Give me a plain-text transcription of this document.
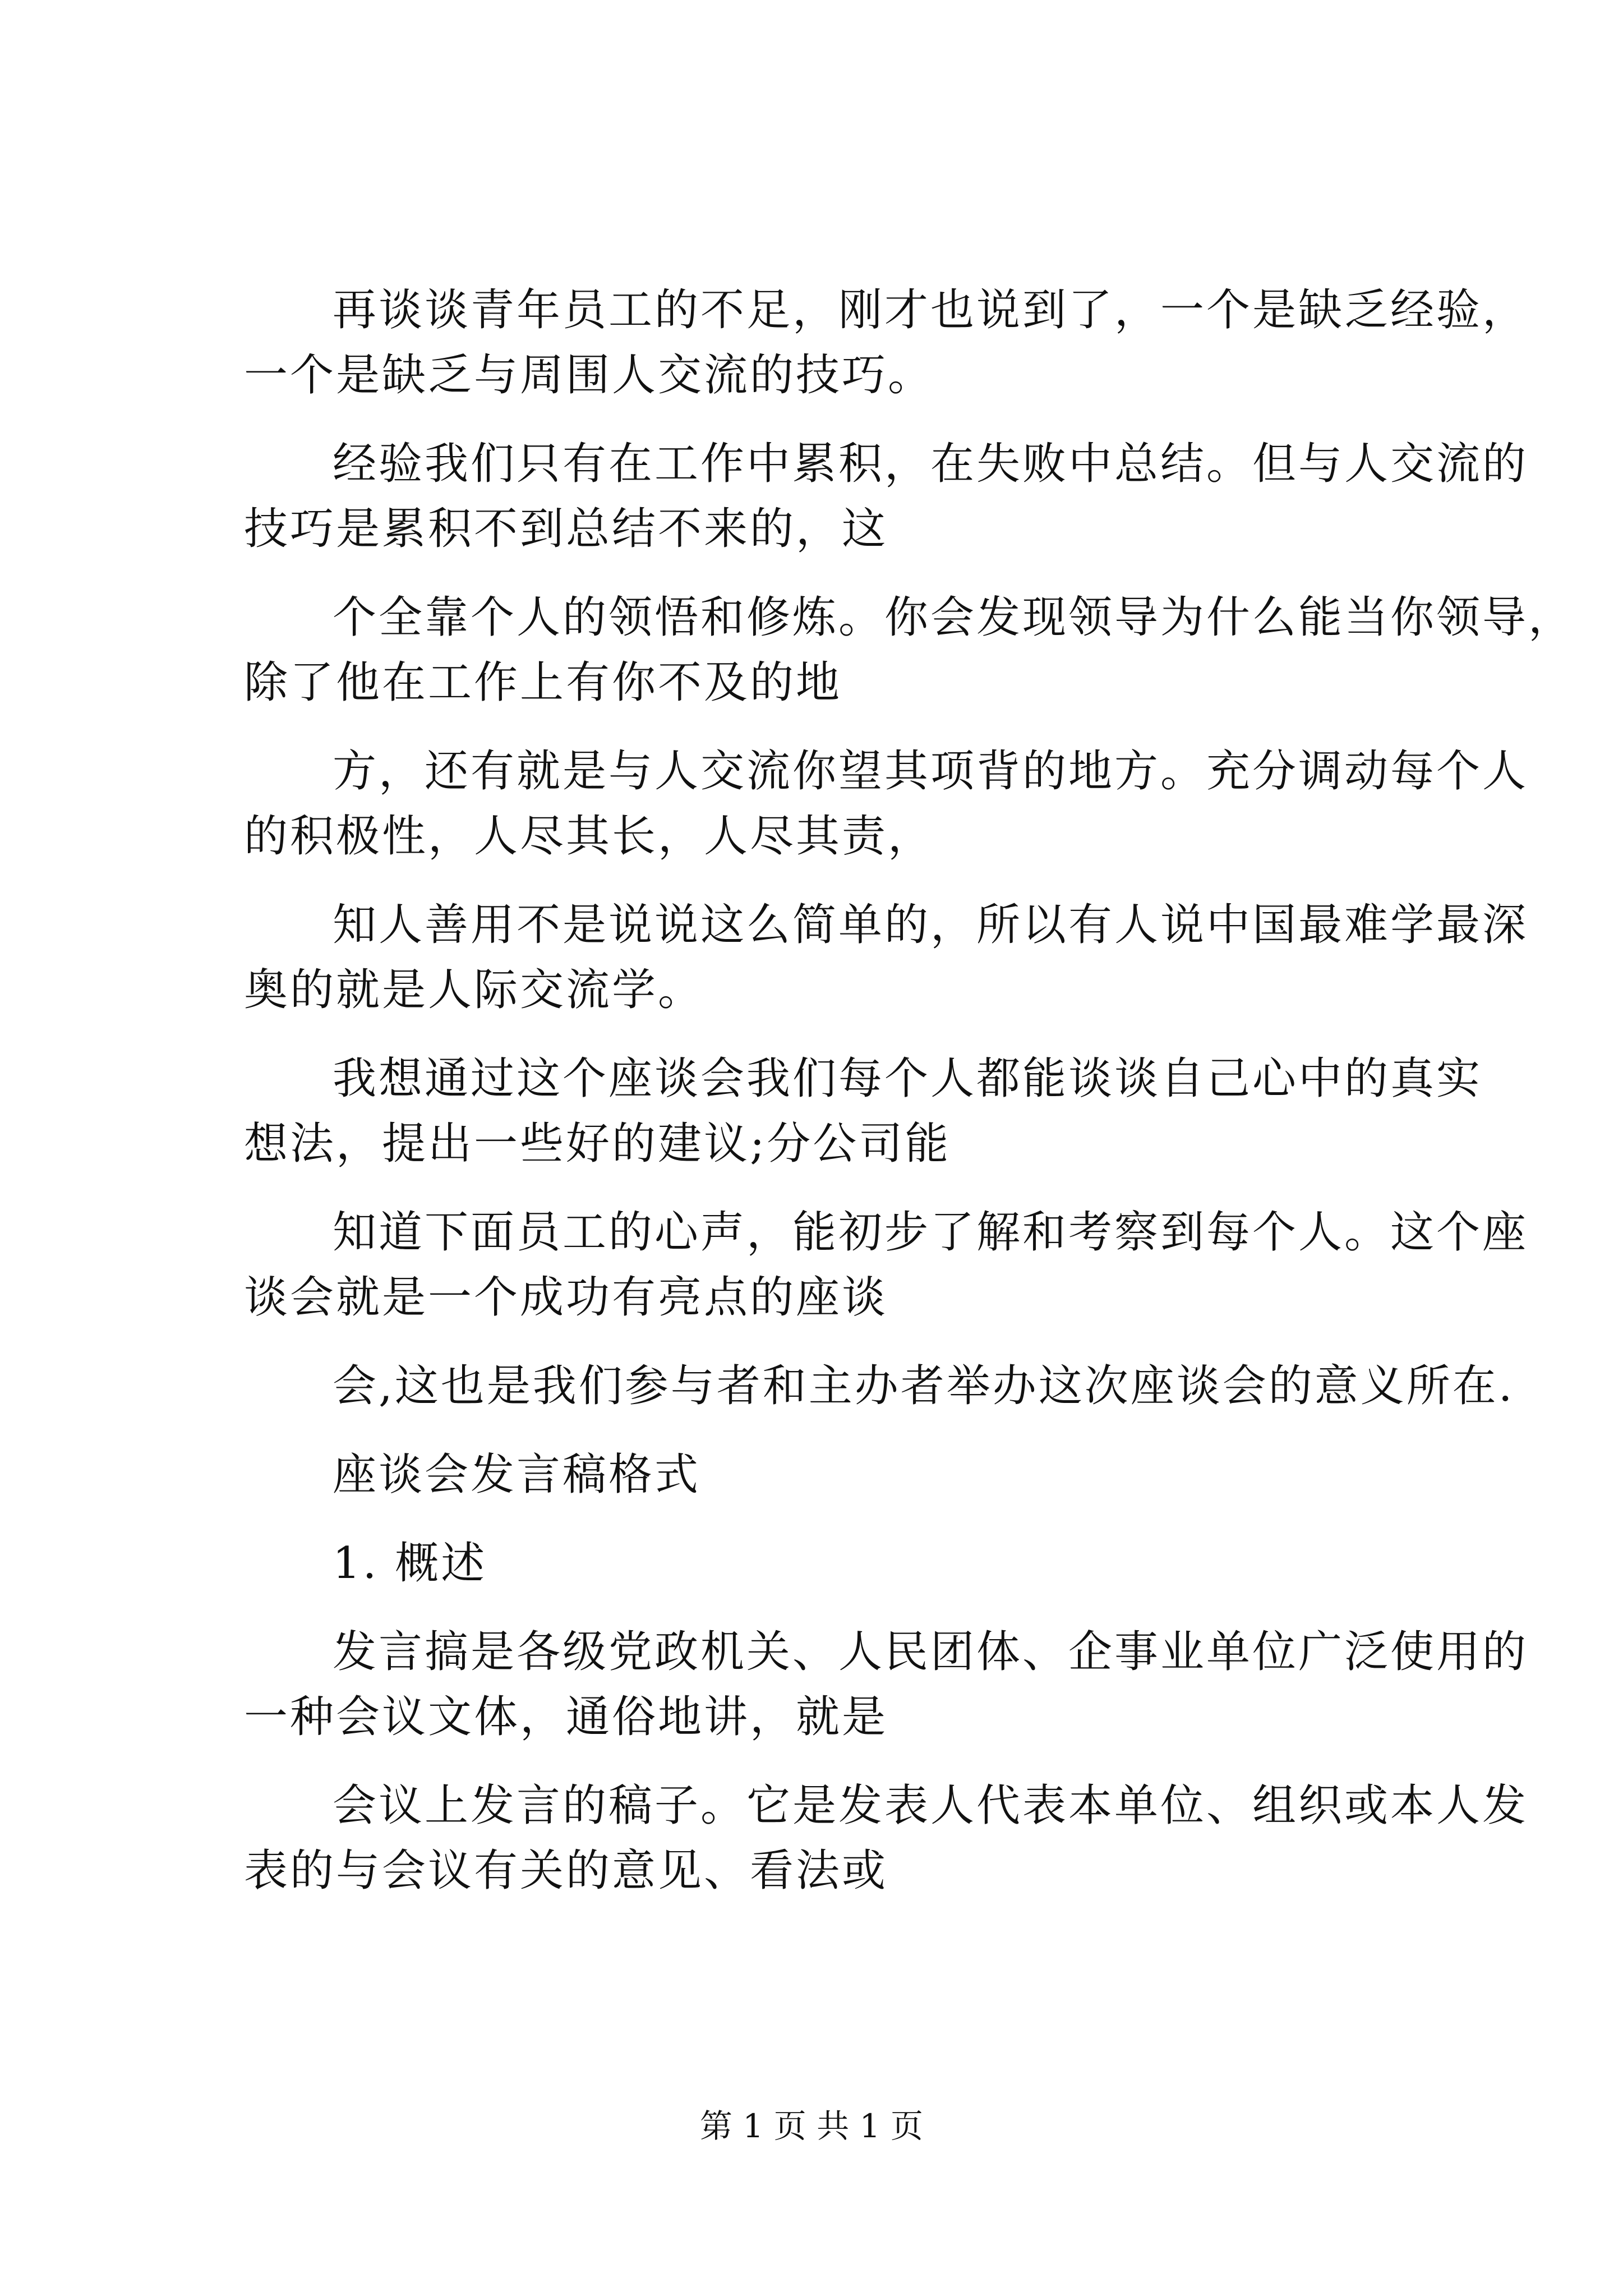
再谈谈青年员工的不足，刚才也说到了，一个是缺乏经验，
一个是缺乏与周围人交流的技巧。
经验我们只有在工作中累积，在失败中总结。但与人交流的
技巧是累积不到总结不来的，这
个全靠个人的领悟和修炼。你会发现领导为什么能当你领导，
除了他在工作上有你不及的地
方，还有就是与人交流你望其项背的地方。充分调动每个人
的积极性，人尽其长，人尽其责，
知人善用不是说说这么简单的，所以有人说中国最难学最深
奥的就是人际交流学。
我想通过这个座谈会我们每个人都能谈谈自己心中的真实
想法，提出一些好的建议;分公司能
知道下面员工的心声，能初步了解和考察到每个人。这个座
谈会就是一个成功有亮点的座谈
会,这也是我们参与者和主办者举办这次座谈会的意义所在.
座谈会发言稿格式
1. 概述
发言搞是各级党政机关、人民团体、企事业单位广泛使用的
一种会议文体，通俗地讲，就是
会议上发言的稿子。它是发表人代表本单位、组织或本人发
表的与会议有关的意见、看法或
第 1 页 共 1 页
